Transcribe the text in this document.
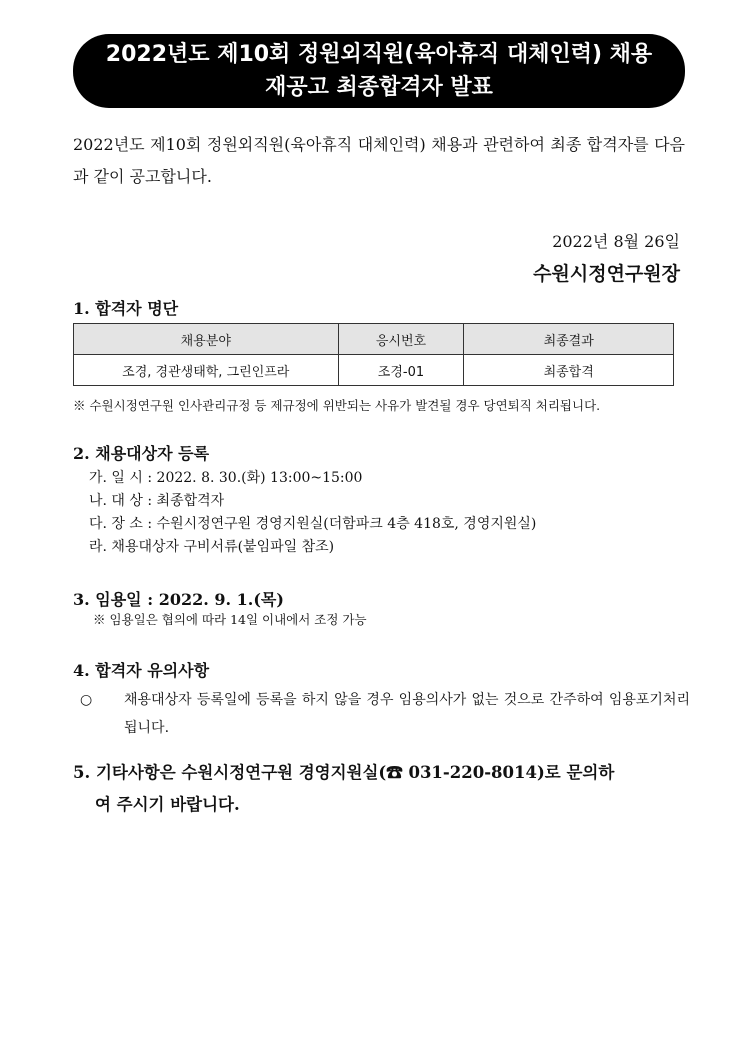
2022년도 제10회 정원외직원(육아휴직 대체인력) 채용
재공고 최종합격자 발표
2022년도 제10회 정원외직원(육아휴직 대체인력) 채용과 관련하여 최종 합격자를 다음과 같이 공고합니다.
2022년 8월 26일
수원시정연구원장
1. 합격자 명단
채용분야	응시번호	최종결과
조경, 경관생태학, 그린인프라	조경-01	최종합격
※ 수원시정연구원 인사관리규정 등 제규정에 위반되는 사유가 발견될 경우 당연퇴직 처리됩니다.
2. 채용대상자 등록
가. 일 시 : 2022. 8. 30.(화) 13:00~15:00
나. 대 상 : 최종합격자
다. 장 소 : 수원시정연구원 경영지원실(더함파크 4층 418호, 경영지원실)
라. 채용대상자 구비서류(붙임파일 참조)
3. 임용일 : 2022. 9. 1.(목)
※ 임용일은 협의에 따라 14일 이내에서 조정 가능
4. 합격자 유의사항
○ 채용대상자 등록일에 등록을 하지 않을 경우 임용의사가 없는 것으로 간주하여 임용포기처리 됩니다.
5. 기타사항은 수원시정연구원 경영지원실(☎ 031-220-8014)로 문의하
여 주시기 바랍니다.
